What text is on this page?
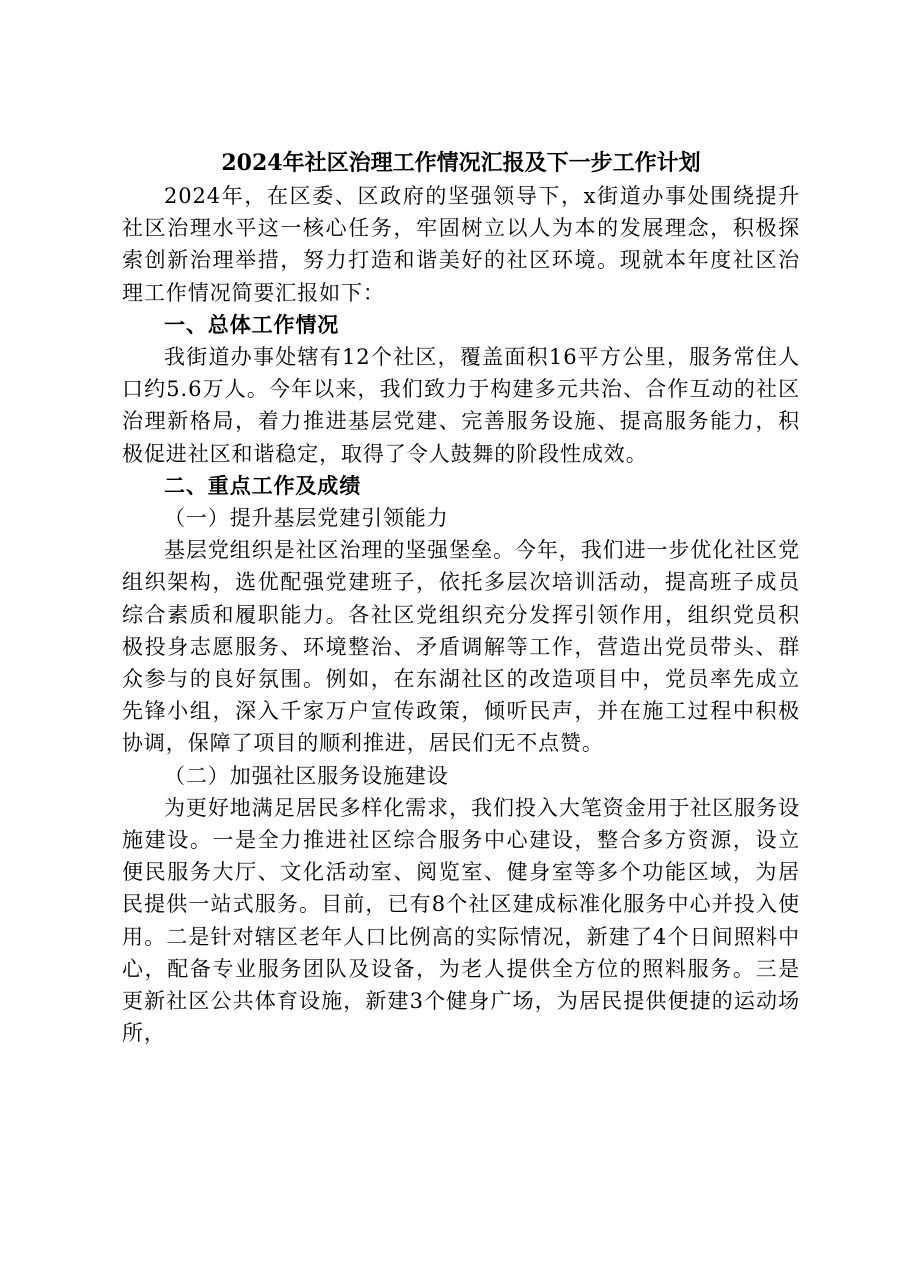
2024年社区治理工作情况汇报及下一步工作计划

2024年，在区委、区政府的坚强领导下，x街道办事处围绕提升社区治理水平这一核心任务，牢固树立以人为本的发展理念，积极探索创新治理举措，努力打造和谐美好的社区环境。现就本年度社区治理工作情况简要汇报如下：

一、总体工作情况

我街道办事处辖有12个社区，覆盖面积16平方公里，服务常住人口约5.6万人。今年以来，我们致力于构建多元共治、合作互动的社区治理新格局，着力推进基层党建、完善服务设施、提高服务能力，积极促进社区和谐稳定，取得了令人鼓舞的阶段性成效。

二、重点工作及成绩

（一）提升基层党建引领能力

基层党组织是社区治理的坚强堡垒。今年，我们进一步优化社区党组织架构，选优配强党建班子，依托多层次培训活动，提高班子成员综合素质和履职能力。各社区党组织充分发挥引领作用，组织党员积极投身志愿服务、环境整治、矛盾调解等工作，营造出党员带头、群众参与的良好氛围。例如，在东湖社区的改造项目中，党员率先成立先锋小组，深入千家万户宣传政策，倾听民声，并在施工过程中积极协调，保障了项目的顺利推进，居民们无不点赞。

（二）加强社区服务设施建设

为更好地满足居民多样化需求，我们投入大笔资金用于社区服务设施建设。一是全力推进社区综合服务中心建设，整合多方资源，设立便民服务大厅、文化活动室、阅览室、健身室等多个功能区域，为居民提供一站式服务。目前，已有8个社区建成标准化服务中心并投入使用。二是针对辖区老年人口比例高的实际情况，新建了4个日间照料中心，配备专业服务团队及设备，为老人提供全方位的照料服务。三是更新社区公共体育设施，新建3个健身广场，为居民提供便捷的运动场所，
